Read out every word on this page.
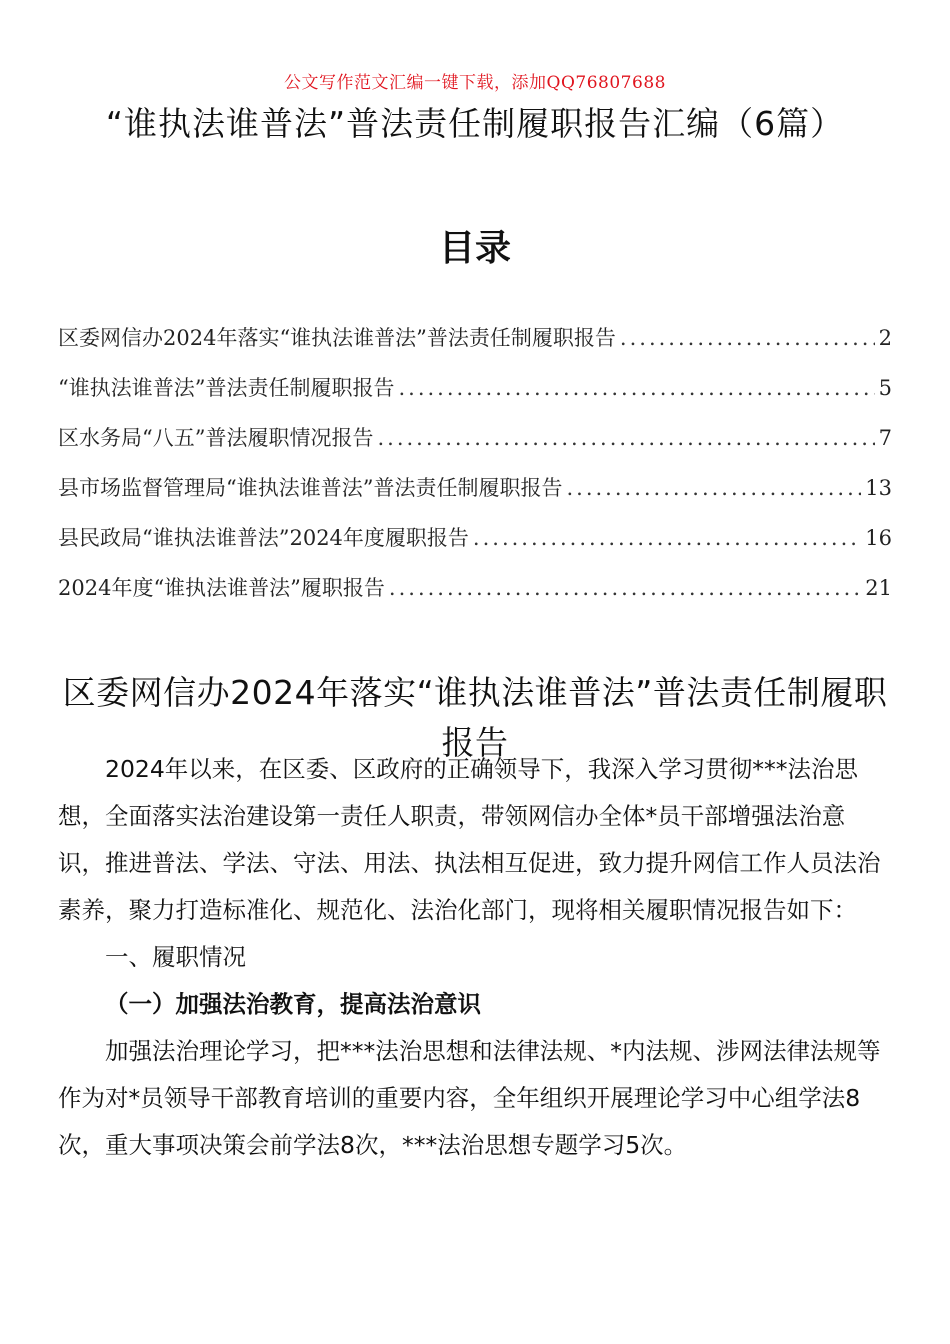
公文写作范文汇编一键下载，添加QQ76807688
“谁执法谁普法”普法责任制履职报告汇编（6篇）
目录
区委网信办2024年落实“谁执法谁普法”普法责任制履职报告 .....	2
“谁执法谁普法”普法责任制履职报告 .....	5
区水务局“八五”普法履职情况报告 .....	7
县市场监督管理局“谁执法谁普法”普法责任制履职报告 .....	13
县民政局“谁执法谁普法”2024年度履职报告 .....	16
2024年度“谁执法谁普法”履职报告 .....	21
区委网信办2024年落实“谁执法谁普法”普法责任制履职报告

2024年以来，在区委、区政府的正确领导下，我深入学习贯彻***法治思想，全面落实法治建设第一责任人职责，带领网信办全体*员干部增强法治意识，推进普法、学法、守法、用法、执法相互促进，致力提升网信工作人员法治素养，聚力打造标准化、规范化、法治化部门，现将相关履职情况报告如下：

一、履职情况

（一）加强法治教育，提高法治意识

加强法治理论学习，把***法治思想和法律法规、*内法规、涉网法律法规等作为对*员领导干部教育培训的重要内容，全年组织开展理论学习中心组学法8次，重大事项决策会前学法8次，***法治思想专题学习5次。
